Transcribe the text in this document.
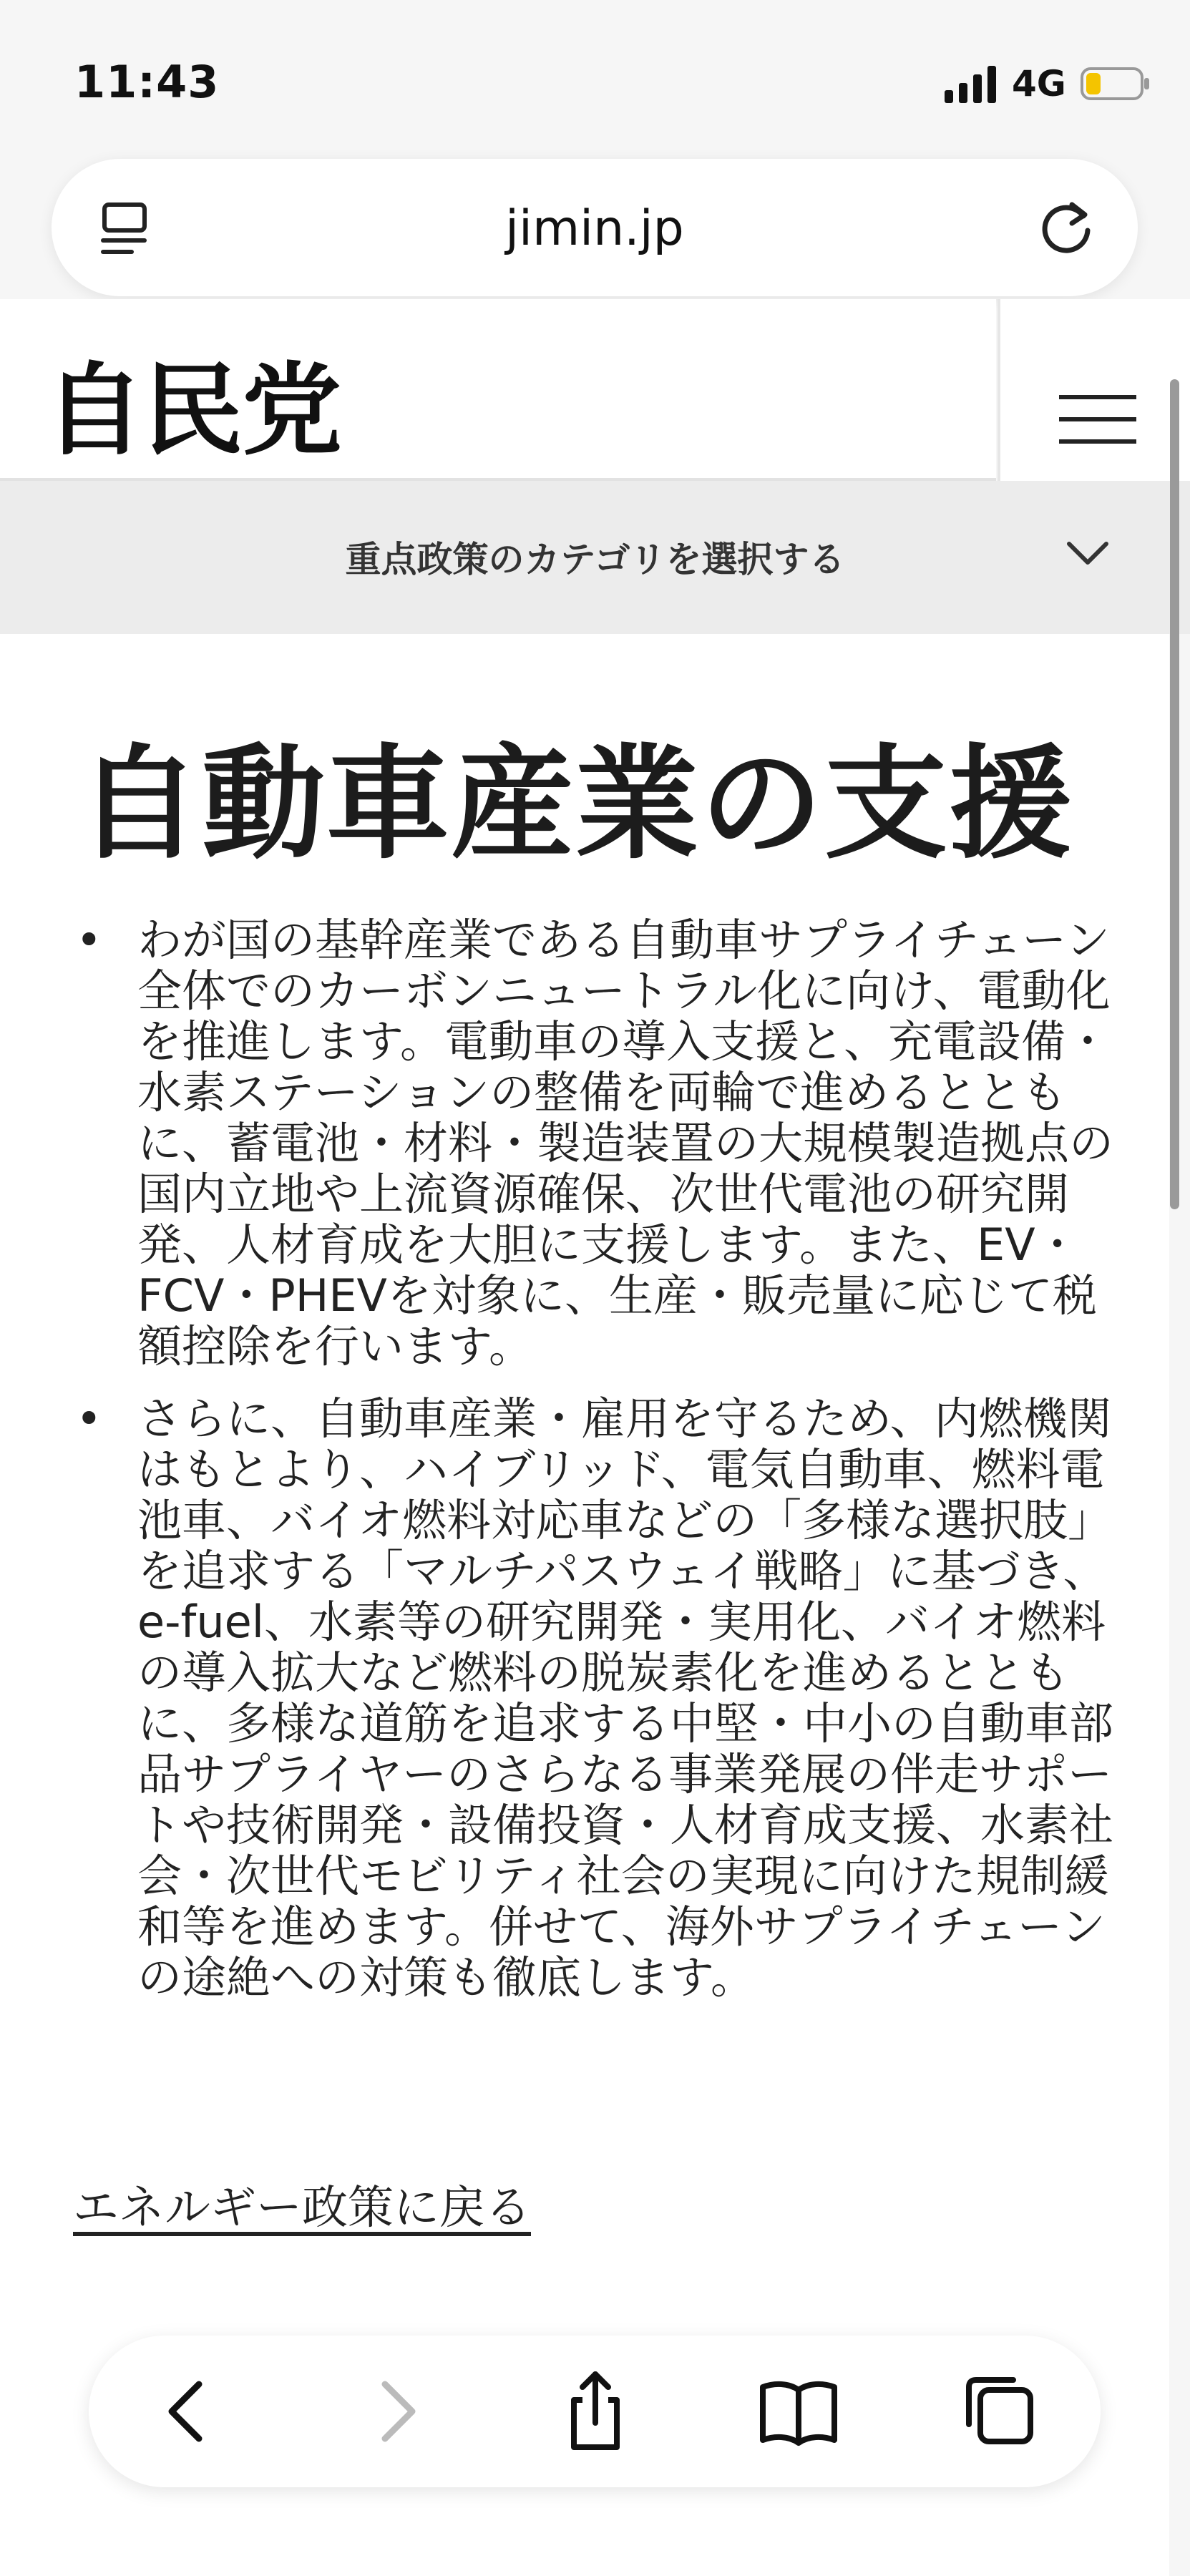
11:43	4G
jimin.jp
自民党
重点政策のカテゴリを選択する
自動車産業の支援
• わが国の基幹産業である自動車サプライチェーン全体でのカーボンニュートラル化に向け、電動化を推進します。電動車の導入支援と、充電設備・水素ステーションの整備を両輪で進めるとともに、蓄電池・材料・製造装置の大規模製造拠点の国内立地や上流資源確保、次世代電池の研究開発、人材育成を大胆に支援します。また、EV・FCV・PHEVを対象に、生産・販売量に応じて税額控除を行います。
• さらに、自動車産業・雇用を守るため、内燃機関はもとより、ハイブリッド、電気自動車、燃料電池車、バイオ燃料対応車などの「多様な選択肢」を追求する「マルチパスウェイ戦略」に基づき、e-fuel、水素等の研究開発・実用化、バイオ燃料の導入拡大など燃料の脱炭素化を進めるとともに、多様な道筋を追求する中堅・中小の自動車部品サプライヤーのさらなる事業発展の伴走サポートや技術開発・設備投資・人材育成支援、水素社会・次世代モビリティ社会の実現に向けた規制緩和等を進めます。併せて、海外サプライチェーンの途絶への対策も徹底します。
エネルギー政策に戻る
